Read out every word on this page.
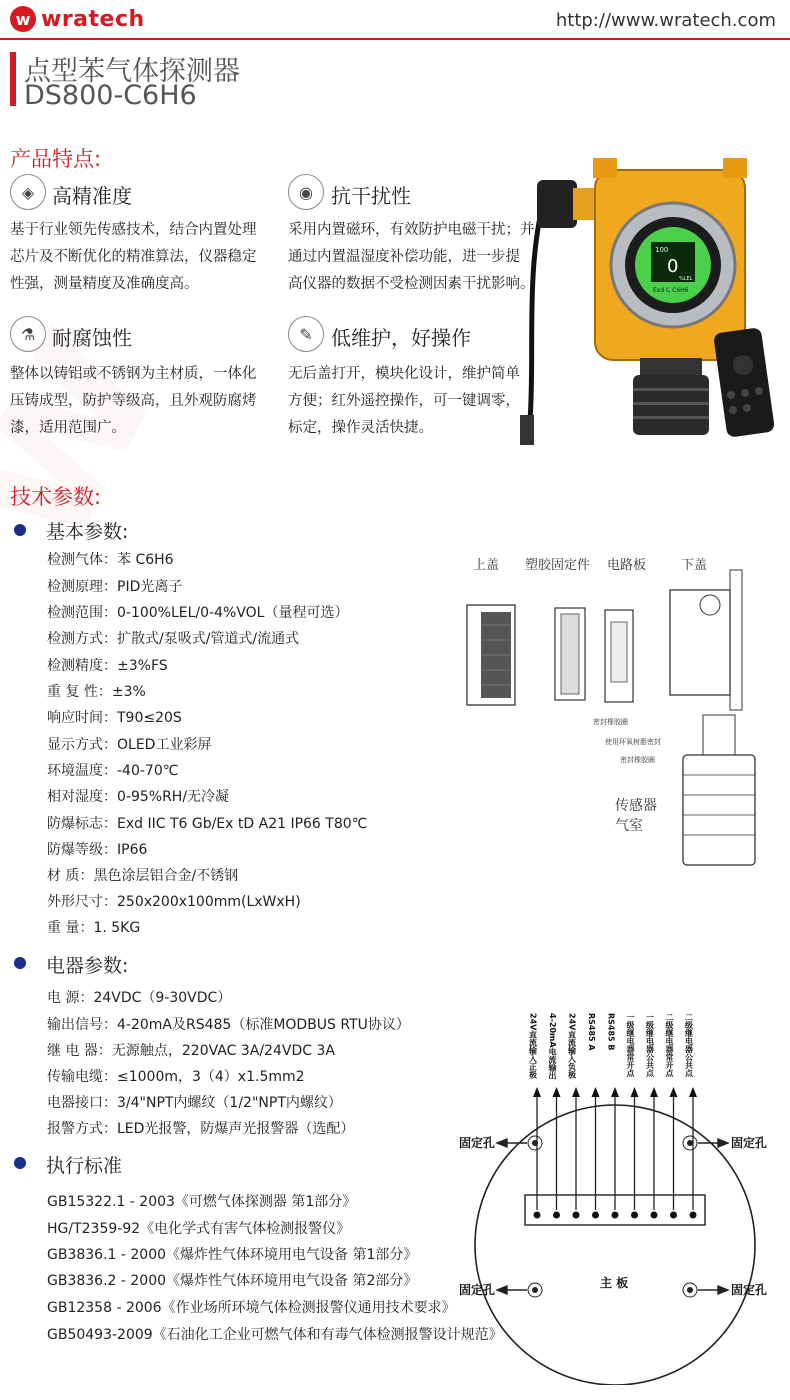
w wratech	http://www.wratech.com
点型苯气体探测器
DS800-C6H6
产品特点:
◈ 高精准度
基于行业领先传感技术，结合内置处理
芯片及不断优化的精准算法，仪器稳定
性强，测量精度及准确度高。
◉ 抗干扰性
采用内置磁环，有效防护电磁干扰；并
通过内置温湿度补偿功能，进一步提
高仪器的数据不受检测因素干扰影响。
⚗ 耐腐蚀性
整体以铸铝或不锈钢为主材质，一体化
压铸成型，防护等级高，且外观防腐烤
漆，适用范围广。
✎ 低维护，好操作
无后盖打开，模块化设计，维护简单
方便；红外遥控操作，可一键调零，
标定，操作灵活快捷。
100
0
%LEL
Exd C C6H6
技术参数:
基本参数:
检测气体：苯 C6H6
检测原理：PID光离子
检测范围：0-100%LEL/0-4%VOL（量程可选）
检测方式：扩散式/泵吸式/管道式/流通式
检测精度：±3%FS
重 复 性：±3%
响应时间：T90≤20S
显示方式：OLED工业彩屏
环境温度：-40-70℃
相对湿度：0-95%RH/无冷凝
防爆标志：Exd IIC T6 Gb/Ex tD A21 IP66 T80℃
防爆等级：IP66
材 质：黑色涂层铝合金/不锈钢
外形尺寸：250x200x100mm(LxWxH)
重 量：1. 5KG
上盖 塑胶固定件 电路板	下盖
密封橡胶圈
使用环氧树脂密封
密封橡胶圈
传感器
气室
电器参数:
电 源：24VDC（9-30VDC）
输出信号：4-20mA及RS485（标准MODBUS RTU协议）
继 电 器：无源触点，220VAC 3A/24VDC 3A
传输电缆：≤1000m，3（4）x1.5mm2
电器接口：3/4"NPT内螺纹（1/2"NPT内螺纹）
报警方式：LED光报警，防爆声光报警器（选配）
执行标准
GB15322.1 - 2003《可燃气体探测器 第1部分》
HG/T2359-92《电化学式有害气体检测报警仪》
GB3836.1 - 2000《爆炸性气体环境用电气设备 第1部分》
GB3836.2 - 2000《爆炸性气体环境用电气设备 第2部分》
GB12358 - 2006《作业场所环境气体检测报警仪通用技术要求》
GB50493-2009《石油化工企业可燃气体和有毒气体检测报警设计规范》
固定孔	固定孔
固定孔	固定孔
主 板
24V直流输入正极 4-20mA电流输出 24V直流输入负极 RS485 A RS485 B 一级继电器常开点 一级继电器公共点 二级继电器常开点 二级继电器公共点
